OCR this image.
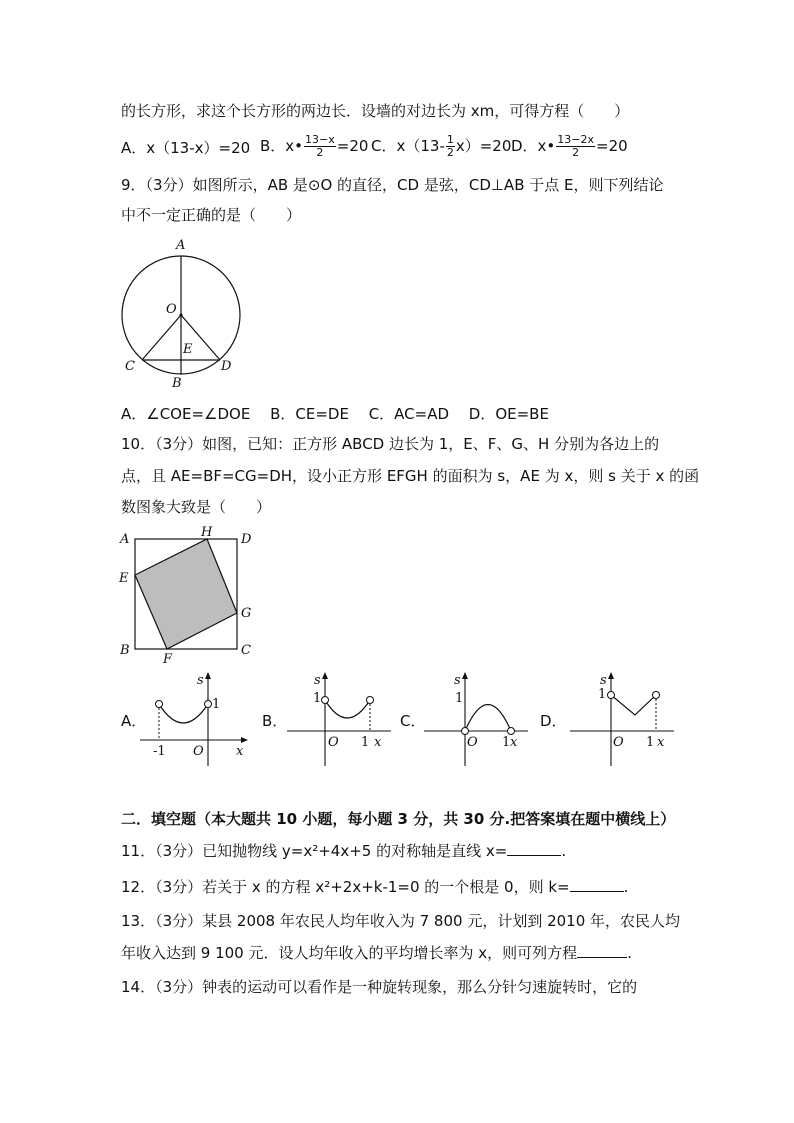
的长方形，求这个长方形的两边长．设墙的对边长为 xm，可得方程（　　）
A．x（13-x）=20 B．x• $\frac{13-x}{2} =20$ C．$x(13- \frac{1}{2} x)=20$ D．x• $\frac{13-2x}{2} =20$
9．（3分）如图所示，AB 是⊙O 的直径，CD 是弦，CD⊥AB 于点 E，则下列结论
中不一定正确的是（　　）
A
O
E
C	D
B
A．∠COE=∠DOE　 B．CE=DE　 C．AC=AD　 D．OE=BE
10．（3分）如图，已知：正方形 ABCD 边长为 1，E、F、G、H 分别为各边上的
点，且 AE=BF=CG=DH，设小正方形 EFGH 的面积为 s，AE 为 x，则 s 关于 x 的函
数图象大致是（　　）
A	H D
E
G
B
F
C
A．
s
1
-1 O x
B．
s
1
O 1 x
C．
s
1
O 1 x
D．
s
1
O 1 x
二．填空题（本大题共 10 小题，每小题 3 分，共 30 分.把答案填在题中横线上）
11．（3分）已知抛物线 y=x²+4x+5 的对称轴是直线 x=	.
12．（3分）若关于 x 的方程 x²+2x+k-1=0 的一个根是 0，则 k=	.
13．（3分）某县 2008 年农民人均年收入为 7 800 元，计划到 2010 年，农民人均
年收入达到 9 100 元．设人均年收入的平均增长率为 x，则可列方程	.
14．（3分）钟表的运动可以看作是一种旋转现象，那么分针匀速旋转时，它的
